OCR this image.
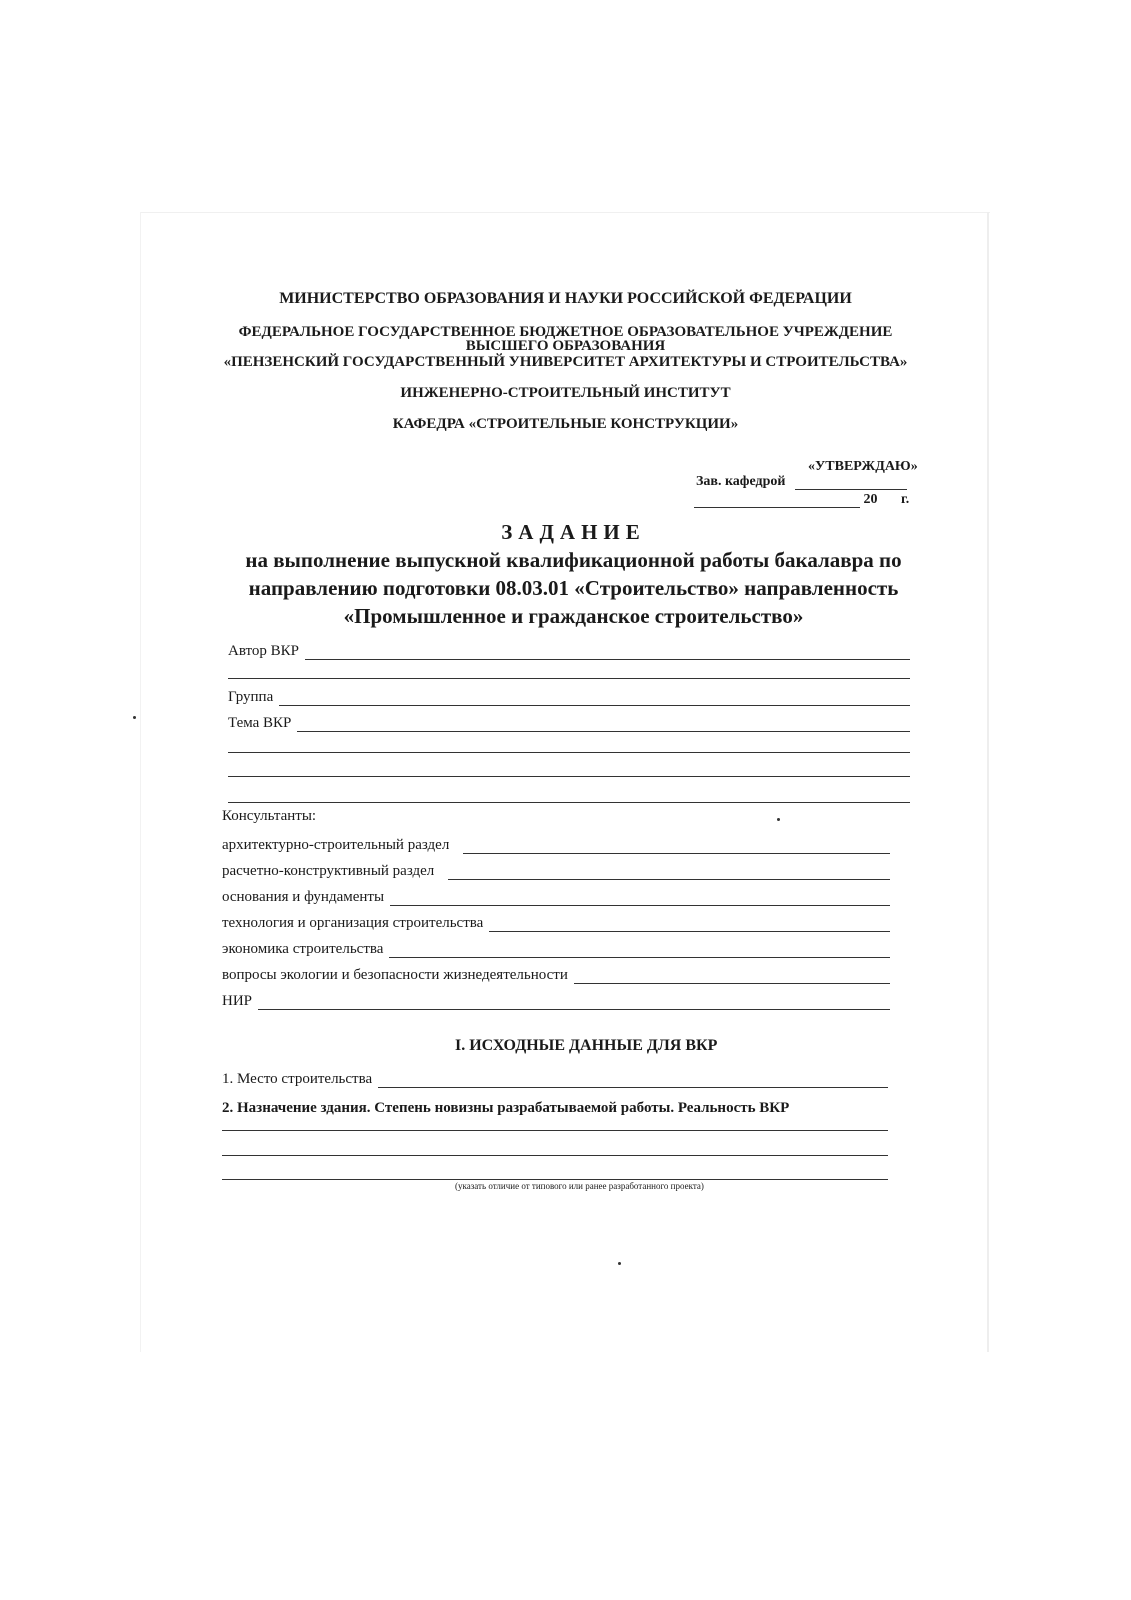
МИНИСТЕРСТВО ОБРАЗОВАНИЯ И НАУКИ РОССИЙСКОЙ ФЕДЕРАЦИИ
ФЕДЕРАЛЬНОЕ ГОСУДАРСТВЕННОЕ БЮДЖЕТНОЕ ОБРАЗОВАТЕЛЬНОЕ УЧРЕЖДЕНИЕ
ВЫСШЕГО ОБРАЗОВАНИЯ
«ПЕНЗЕНСКИЙ ГОСУДАРСТВЕННЫЙ УНИВЕРСИТЕТ АРХИТЕКТУРЫ И СТРОИТЕЛЬСТВА»
ИНЖЕНЕРНО-СТРОИТЕЛЬНЫЙ ИНСТИТУТ
КАФЕДРА «СТРОИТЕЛЬНЫЕ КОНСТРУКЦИИ»
«УТВЕРЖДАЮ»
Зав. кафедрой
20 г.
ЗАДАНИЕ
на выполнение выпускной квалификационной работы бакалавра по
направлению подготовки 08.03.01 «Строительство» направленность
«Промышленное и гражданское строительство»
Автор ВКР
Группа
Тема ВКР
Консультанты:
архитектурно-строительный раздел
расчетно-конструктивный раздел
основания и фундаменты
технология и организация строительства
экономика строительства
вопросы экологии и безопасности жизнедеятельности
НИР
I. ИСХОДНЫЕ ДАННЫЕ ДЛЯ ВКР
1. Место строительства
2. Назначение здания. Степень новизны разрабатываемой работы. Реальность ВКР
(указать отличие от типового или ранее разработанного проекта)
